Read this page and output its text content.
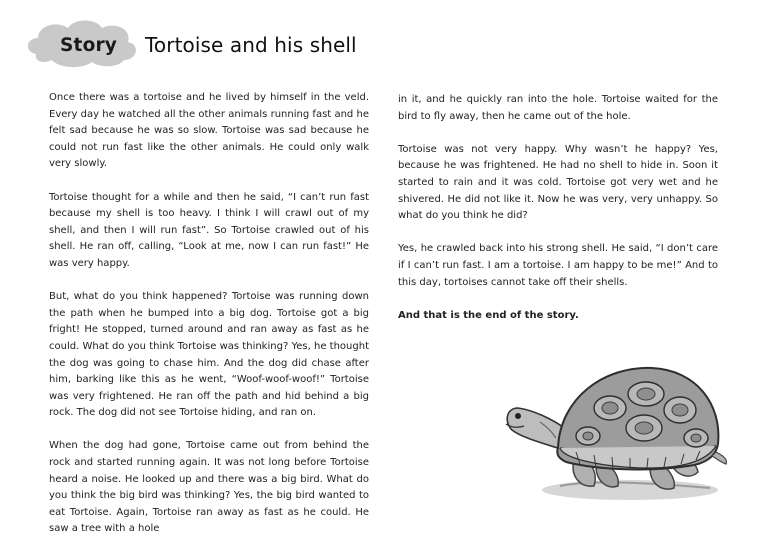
Story Tortoise and his shell

Once there was a tortoise and he lived by himself in the veld. Every day he watched all the other animals running fast and he felt sad because he was so slow. Tortoise was sad because he could not run fast like the other animals. He could only walk very slowly.

Tortoise thought for a while and then he said, “I can’t run fast because my shell is too heavy. I think I will crawl out of my shell, and then I will run fast”. So Tortoise crawled out of his shell. He ran off, calling, “Look at me, now I can run fast!” He was very happy.

But, what do you think happened? Tortoise was running down the path when he bumped into a big dog. Tortoise got a big fright! He stopped, turned around and ran away as fast as he could. What do you think Tortoise was thinking? Yes, he thought the dog was going to chase him. And the dog did chase after him, barking like this as he went, “Woof-woof-woof!” Tortoise was very frightened. He ran off the path and hid behind a big rock. The dog did not see Tortoise hiding, and ran on.

When the dog had gone, Tortoise came out from behind the rock and started running again. It was not long before Tortoise heard a noise. He looked up and there was a big bird. What do you think the big bird was thinking? Yes, the big bird wanted to eat Tortoise. Again, Tortoise ran away as fast as he could. He saw a tree with a hole

in it, and he quickly ran into the hole. Tortoise waited for the bird to fly away, then he came out of the hole.

Tortoise was not very happy. Why wasn’t he happy? Yes, because he was frightened. He had no shell to hide in. Soon it started to rain and it was cold. Tortoise got very wet and he shivered. He did not like it. Now he was very, very unhappy. So what do you think he did?

Yes, he crawled back into his strong shell. He said, “I don’t care if I can’t run fast. I am a tortoise. I am happy to be me!” And to this day, tortoises cannot take off their shells.

And that is the end of the story.
